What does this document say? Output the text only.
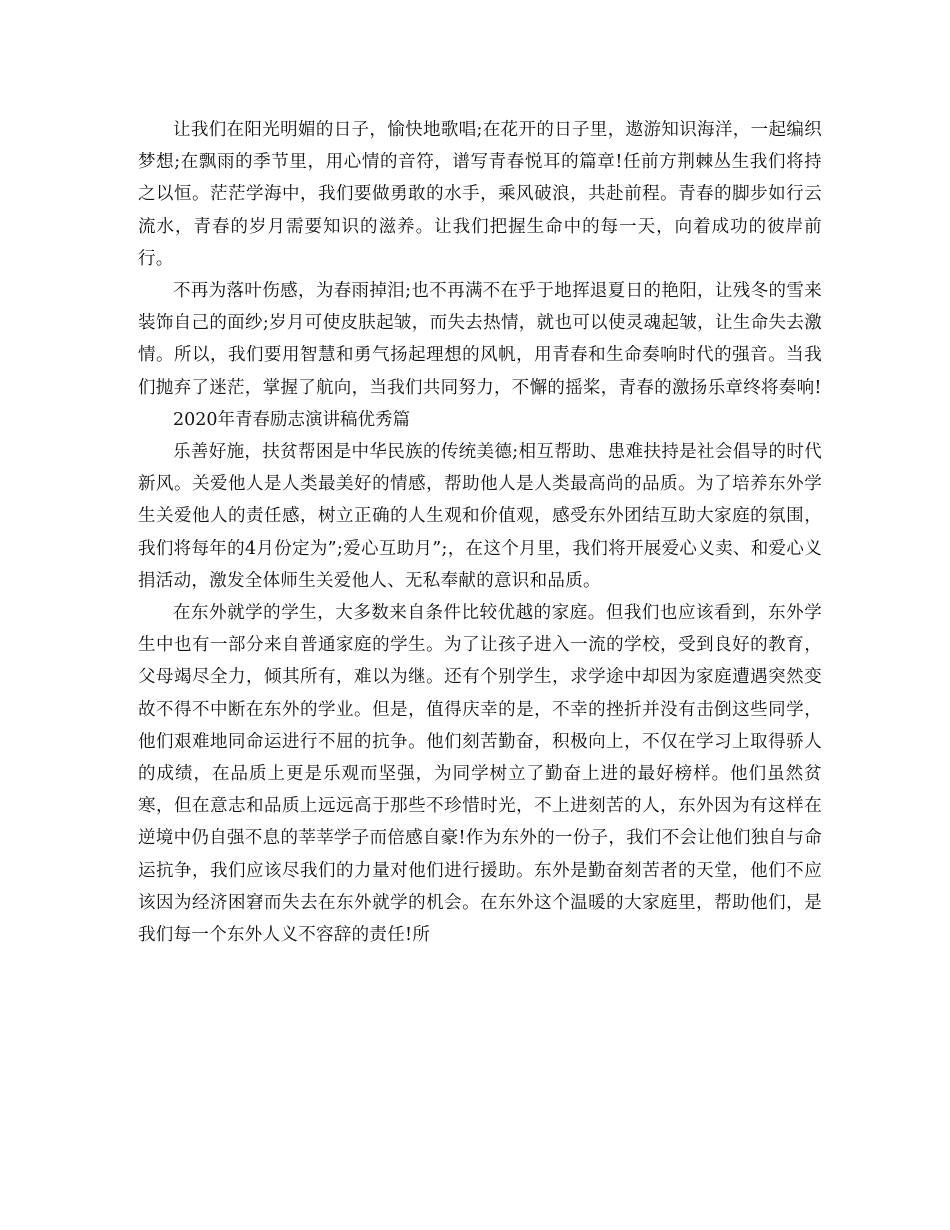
让我们在阳光明媚的日子，愉快地歌唱;在花开的日子里，遨游知识海洋，一起编织梦想;在飘雨的季节里，用心情的音符，谱写青春悦耳的篇章!任前方荆棘丛生我们将持之以恒。茫茫学海中，我们要做勇敢的水手，乘风破浪，共赴前程。青春的脚步如行云流水，青春的岁月需要知识的滋养。让我们把握生命中的每一天，向着成功的彼岸前行。

不再为落叶伤感，为春雨掉泪;也不再满不在乎于地挥退夏日的艳阳，让残冬的雪来装饰自己的面纱;岁月可使皮肤起皱，而失去热情，就也可以使灵魂起皱，让生命失去激情。所以，我们要用智慧和勇气扬起理想的风帆，用青春和生命奏响时代的强音。当我们抛弃了迷茫，掌握了航向，当我们共同努力，不懈的摇桨，青春的激扬乐章终将奏响!

2020年青春励志演讲稿优秀篇

乐善好施，扶贫帮困是中华民族的传统美德;相互帮助、患难扶持是社会倡导的时代新风。关爱他人是人类最美好的情感，帮助他人是人类最高尚的品质。为了培养东外学生关爱他人的责任感，树立正确的人生观和价值观，感受东外团结互助大家庭的氛围，我们将每年的4月份定为”;爱心互助月”;，在这个月里，我们将开展爱心义卖、和爱心义捐活动，激发全体师生关爱他人、无私奉献的意识和品质。

在东外就学的学生，大多数来自条件比较优越的家庭。但我们也应该看到，东外学生中也有一部分来自普通家庭的学生。为了让孩子进入一流的学校，受到良好的教育，父母竭尽全力，倾其所有，难以为继。还有个别学生，求学途中却因为家庭遭遇突然变故不得不中断在东外的学业。但是，值得庆幸的是，不幸的挫折并没有击倒这些同学，他们艰难地同命运进行不屈的抗争。他们刻苦勤奋，积极向上，不仅在学习上取得骄人的成绩，在品质上更是乐观而坚强，为同学树立了勤奋上进的最好榜样。他们虽然贫寒，但在意志和品质上远远高于那些不珍惜时光，不上进刻苦的人，东外因为有这样在逆境中仍自强不息的莘莘学子而倍感自豪!作为东外的一份子，我们不会让他们独自与命运抗争，我们应该尽我们的力量对他们进行援助。东外是勤奋刻苦者的天堂，他们不应该因为经济困窘而失去在东外就学的机会。在东外这个温暖的大家庭里，帮助他们，是我们每一个东外人义不容辞的责任!所
